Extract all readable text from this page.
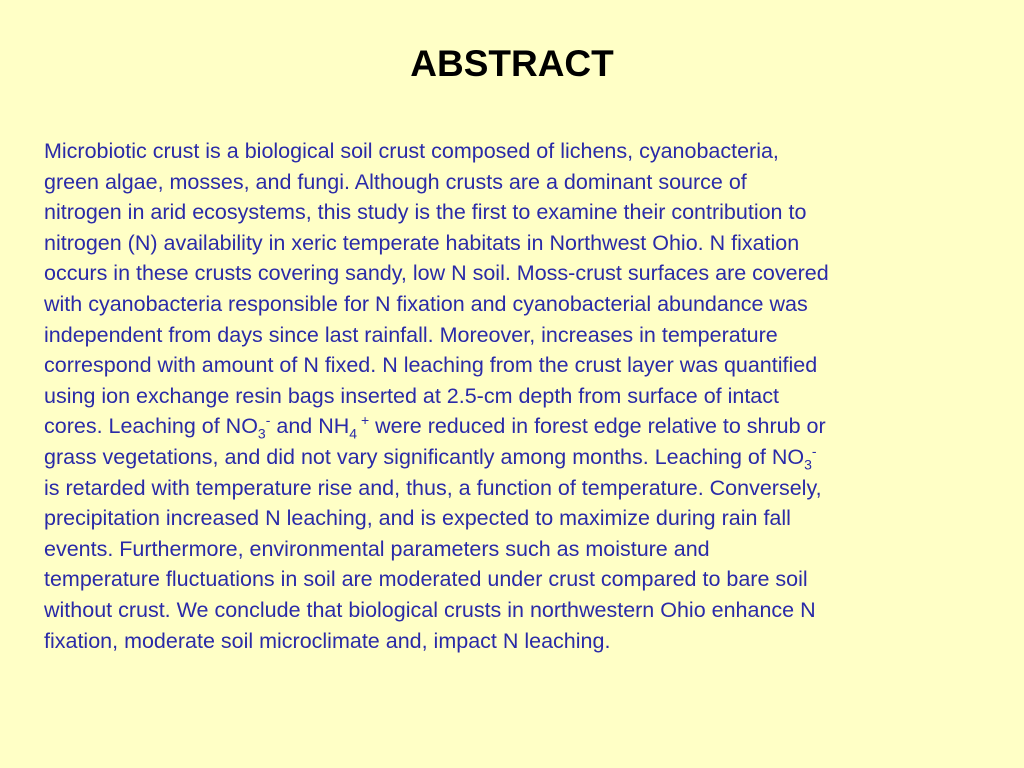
ABSTRACT
Microbiotic crust is a biological soil crust composed of lichens, cyanobacteria,
green algae, mosses, and fungi. Although crusts are a dominant source of
nitrogen in arid ecosystems, this study is the first to examine their contribution to
nitrogen (N) availability in xeric temperate habitats in Northwest Ohio. N fixation
occurs in these crusts covering sandy, low N soil. Moss-crust surfaces are covered
with cyanobacteria responsible for N fixation and cyanobacterial abundance was
independent from days since last rainfall. Moreover, increases in temperature
correspond with amount of N fixed. N leaching from the crust layer was quantified
using ion exchange resin bags inserted at 2.5-cm depth from surface of intact
cores. Leaching of $NO_3^-$ and $NH_4$ + were reduced in forest edge relative to shrub or
grass vegetations, and did not vary significantly among months. Leaching of $NO_3^-$
is retarded with temperature rise and, thus, a function of temperature. Conversely,
precipitation increased N leaching, and is expected to maximize during rain fall
events. Furthermore, environmental parameters such as moisture and
temperature fluctuations in soil are moderated under crust compared to bare soil
without crust. We conclude that biological crusts in northwestern Ohio enhance N
fixation, moderate soil microclimate and, impact N leaching.
